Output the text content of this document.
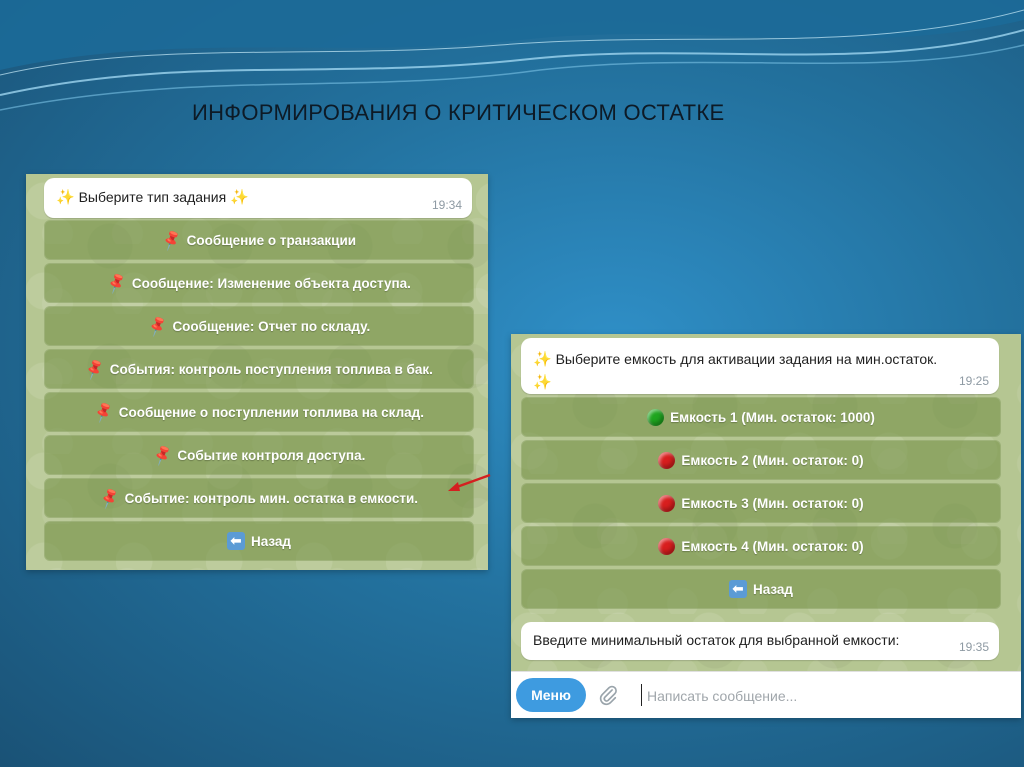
ИНФОРМИРОВАНИЯ О КРИТИЧЕСКОМ ОСТАТКЕ
✨ Выберите тип задания ✨	19:34
📌 Сообщение о транзакции
📌 Сообщение: Изменение объекта доступа.
📌 Сообщение: Отчет по складу.
📌 События: контроль поступления топлива в бак.
📌 Сообщение о поступлении топлива на склад.
📌 Событие контроля доступа.
📌 Событие: контроль мин. остатка в емкости.
⬅ Назад
✨ Выберите емкость для активации задания на мин.остаток.
✨	19:25
Емкость 1 (Мин. остаток: 1000)
Емкость 2 (Мин. остаток: 0)
Емкость 3 (Мин. остаток: 0)
Емкость 4 (Мин. остаток: 0)
⬅ Назад
Введите минимальный остаток для выбранной емкости:	19:35
Меню
Написать сообщение...
